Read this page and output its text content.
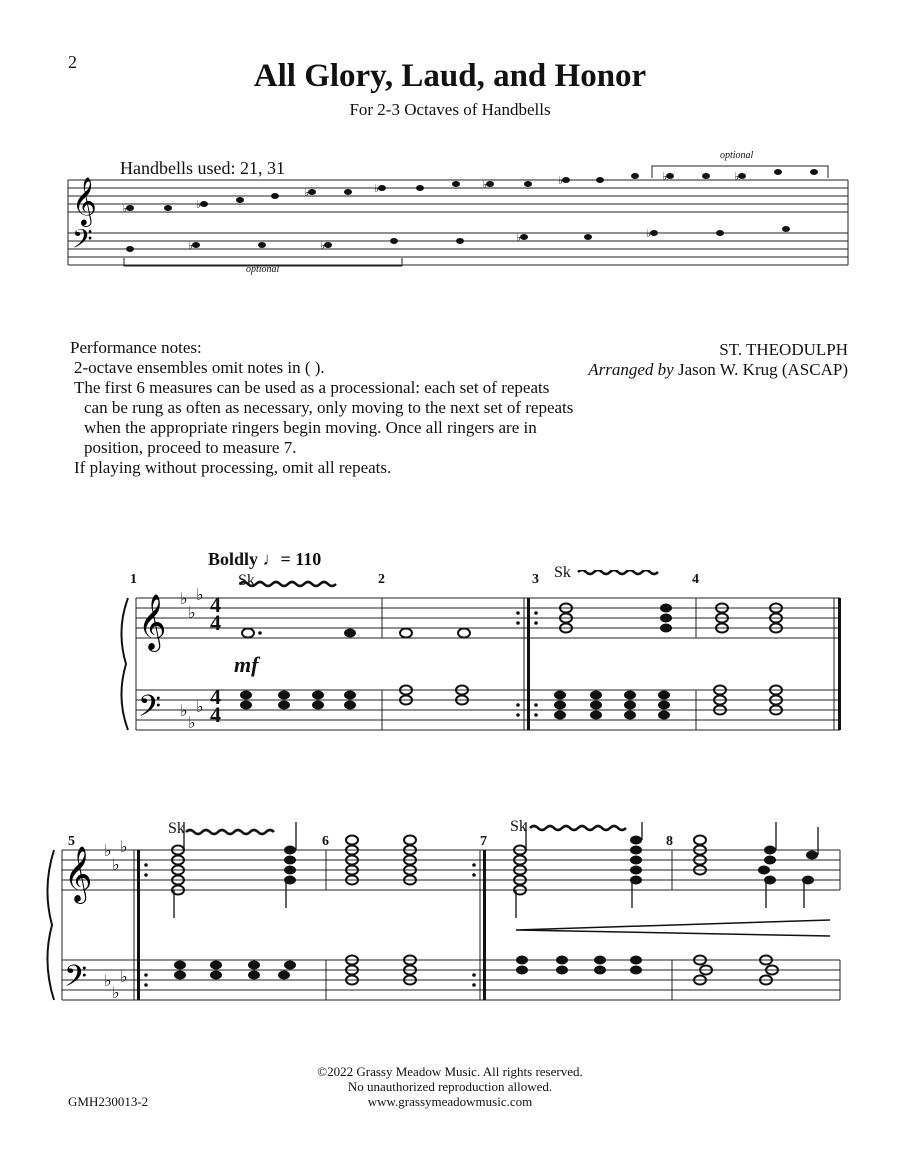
2	All Glory, Laud, and Honor
For 2-3 Octaves of Handbells
Handbells used: 21, 31
𝄞
𝄢
♭	♭
♭	♭	♭	♭	♭	♭
♭	♭
♭	♭
optional
optional
Performance notes:
2-octave ensembles omit notes in ( ).
The first 6 measures can be used as a processional: each set of repeats
can be rung as often as necessary, only moving to the next set of repeats
when the appropriate ringers begin moving. Once all ringers are in
position, proceed to measure 7.
If playing without processing, omit all repeats.
ST. THEODULPH
Arranged by Jason W. Krug (ASCAP)
Boldly ♩= 110
𝄞
𝄢
♭
♭
♭
♭
♭
♭
1	2	3	4
Sk	Sk
4
4
4
4
mf
𝄞
𝄢
♭
♭
♭
♭
♭
♭
5	6	7	8
Sk	Sk
©2022 Grassy Meadow Music. All rights reserved.
No unauthorized reproduction allowed.
www.grassymeadowmusic.com
GMH230013-2
